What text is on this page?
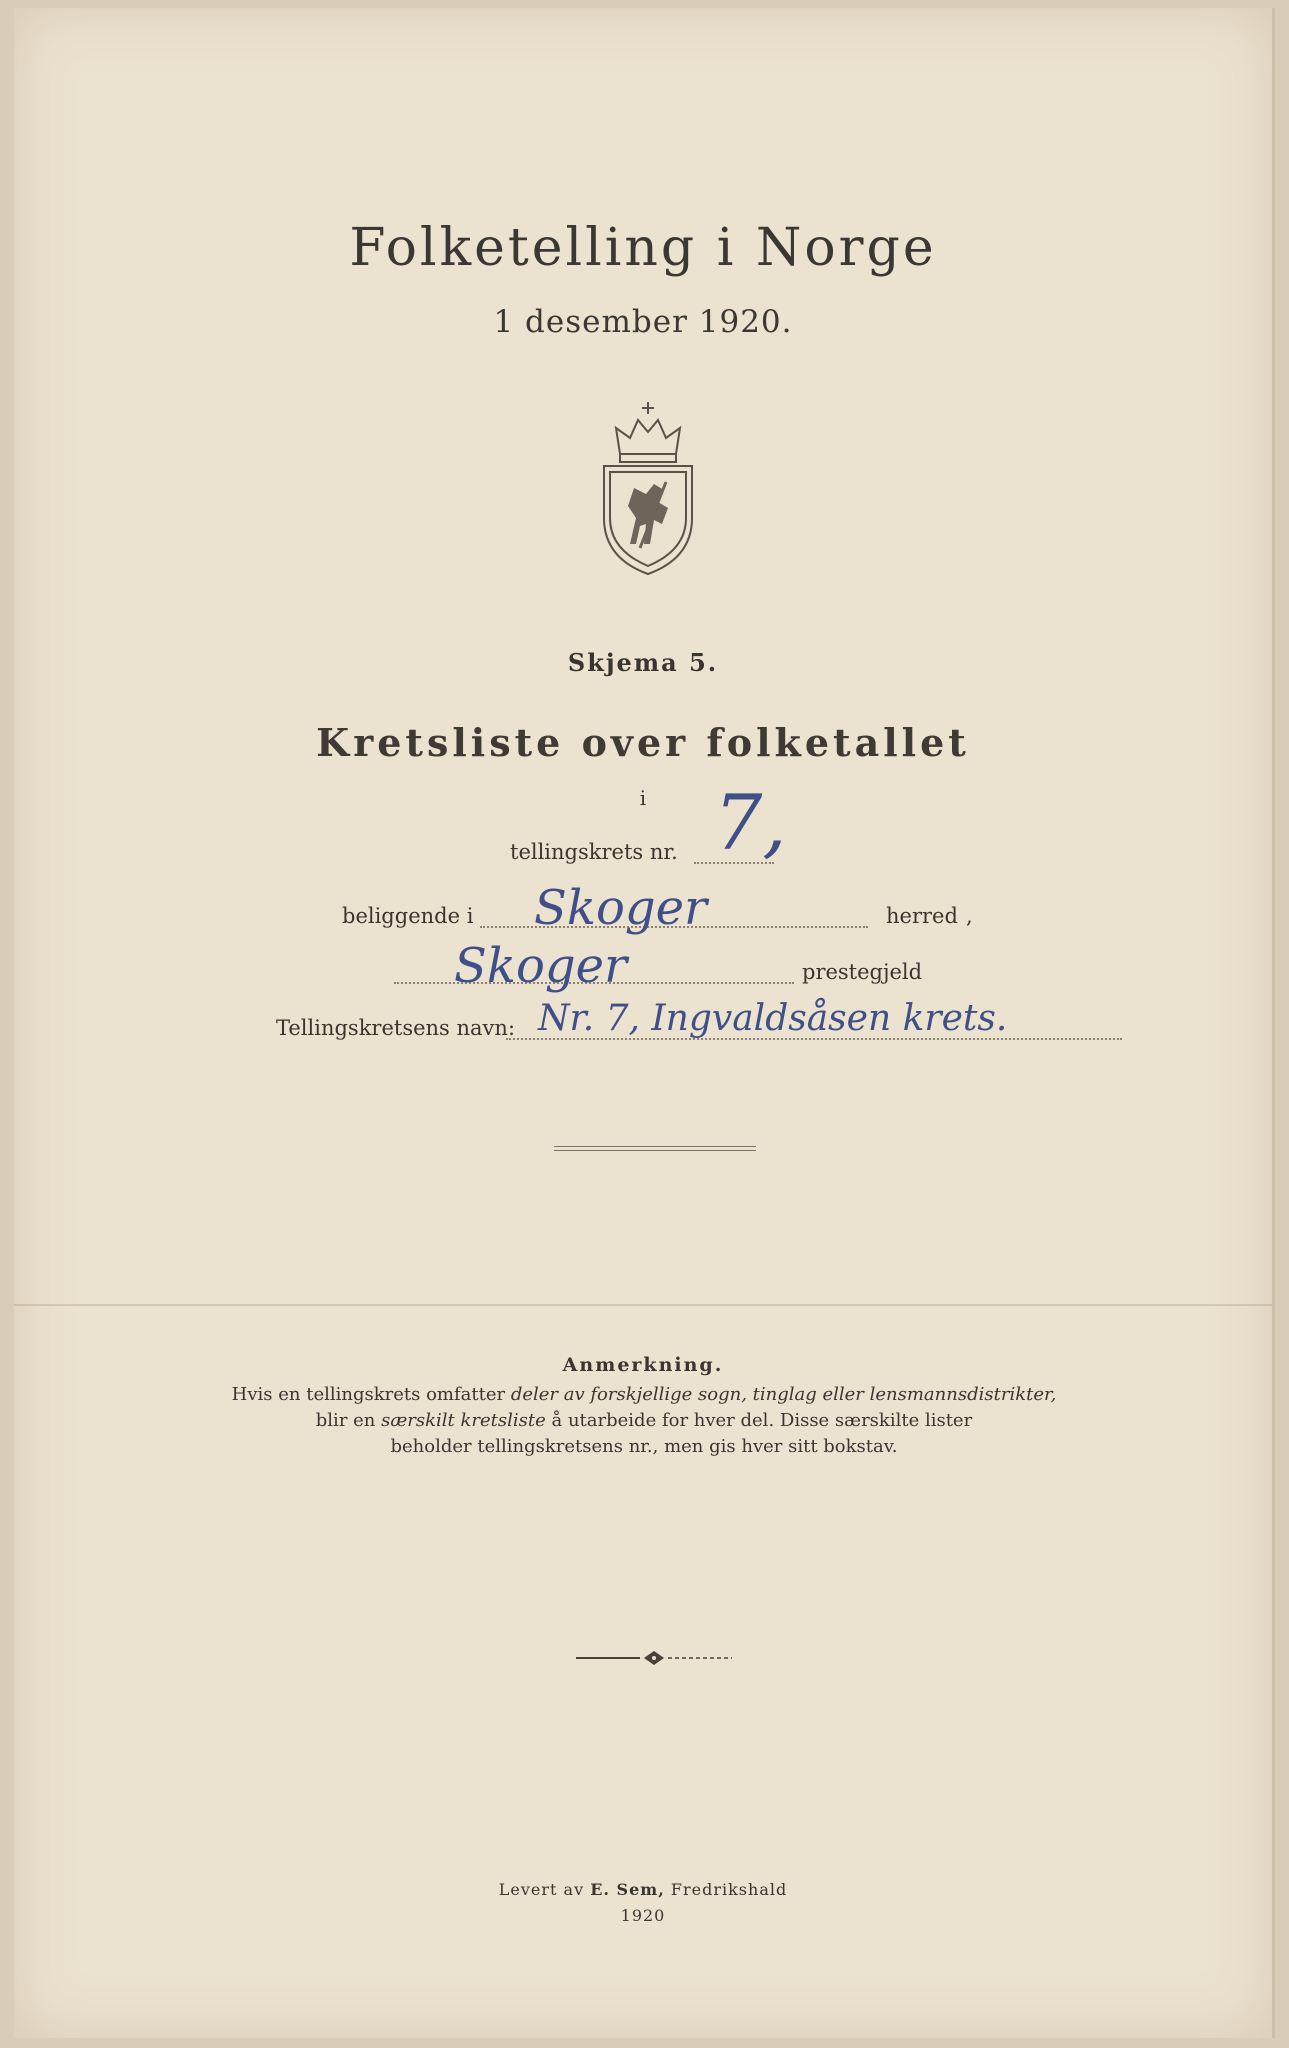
Folketelling i Norge
1 desember 1920.
Skjema 5.
Kretsliste over folketallet
i
tellingskrets nr. 7,
beliggende i Skoger	herred ,
Skoger	prestegjeld
Tellingskretsens navn: Nr. 7, Ingvaldsåsen krets.
Anmerkning.
Hvis en tellingskrets omfatter deler av forskjellige sogn, tinglag eller lensmannsdistrikter,
blir en særskilt kretsliste å utarbeide for hver del. Disse særskilte lister
beholder tellingskretsens nr., men gis hver sitt bokstav.
Levert av E. Sem, Fredrikshald
1920
